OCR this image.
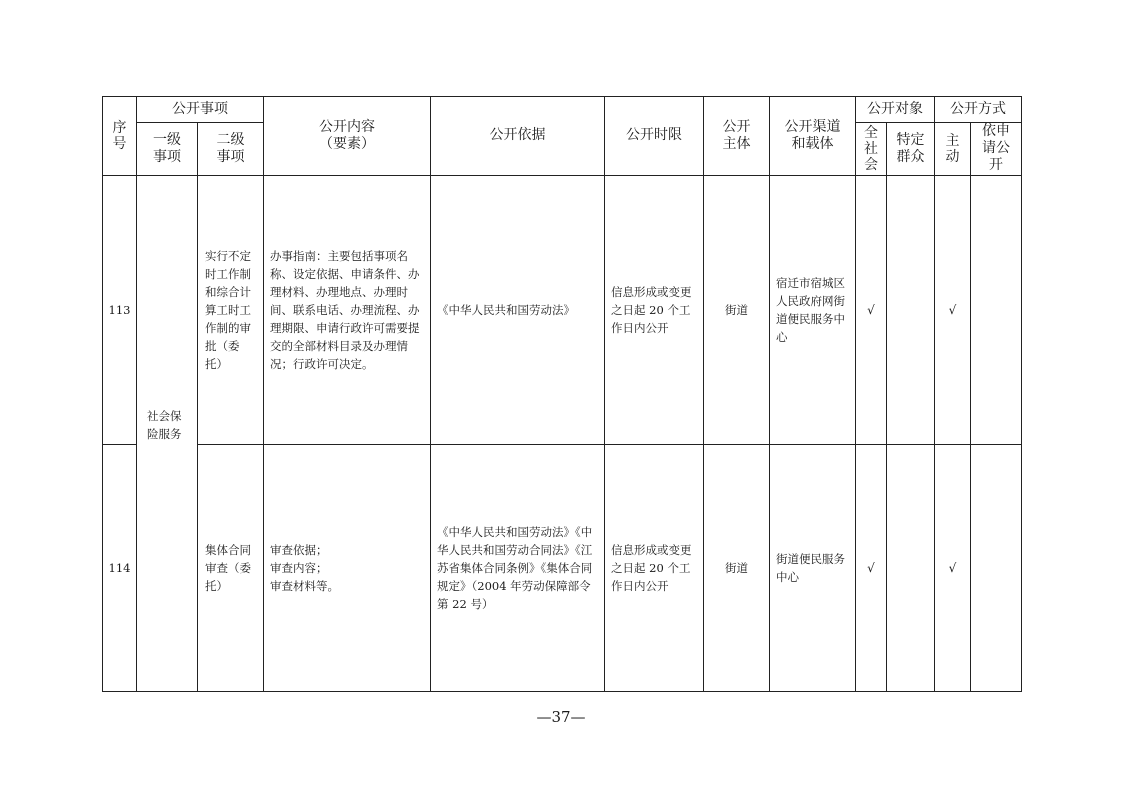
序号	公开事项		公开内容
（要素）	公开依据	公开时限	公开主体	公开渠道和载体	公开对象		公开方式	

	一级事项	二级事项						全社会	特定群众	主动	依申请公开

113	社会保险服务	实行不定时工作制和综合计算工时工作制的审批（委托）	办事指南：主要包括事项名称、设定依据、申请条件、办理材料、办理地点、办理时间、联系电话、办理流程、办理期限、申请行政许可需要提交的全部材料目录及办理情况；行政许可决定。	《中华人民共和国劳动法》	信息形成或变更之日起 20 个工作日内公开	街道	宿迁市宿城区人民政府网街道便民服务中心	√		√	
114		集体合同审查（委托）	审查依据；
审查内容；
审查材料等。	《中华人民共和国劳动法》《中华人民共和国劳动合同法》《江苏省集体合同条例》《集体合同规定》（2004 年劳动保障部令 第 22 号）	信息形成或变更之日起 20 个工作日内公开	街道	街道便民服务中心	√		√	
—37—
